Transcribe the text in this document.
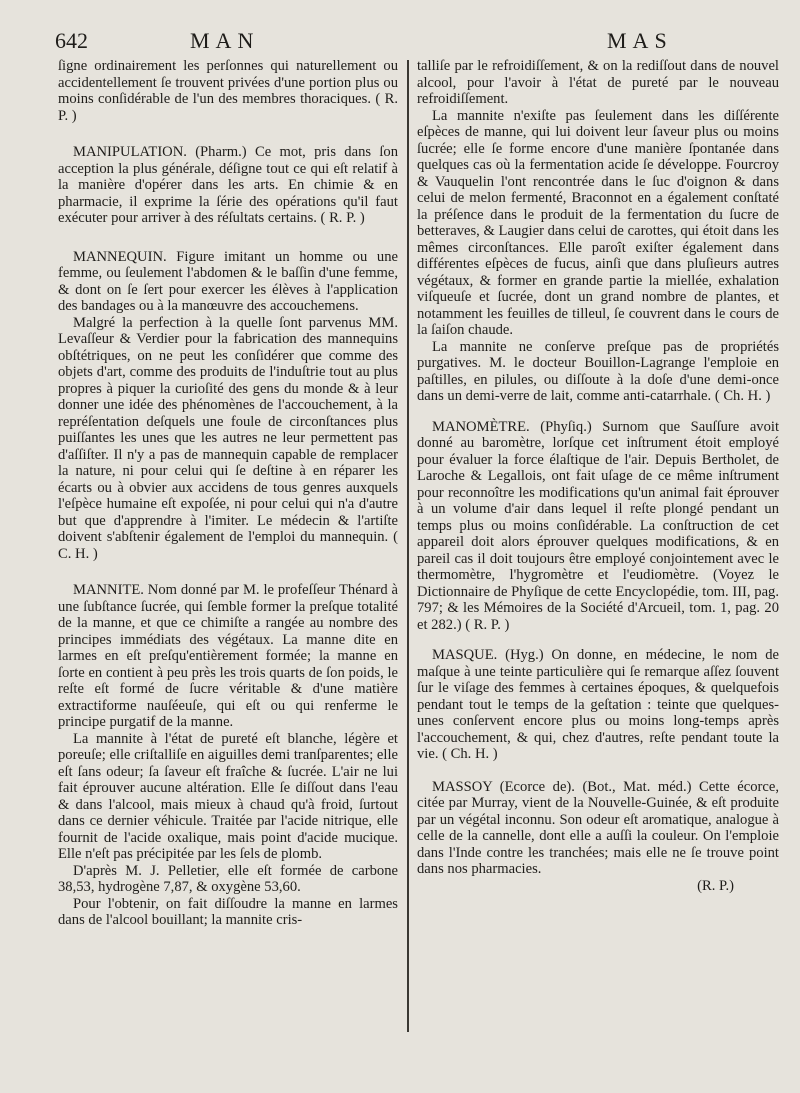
642	MAN	MAS

ſigne ordinairement les perſonnes qui naturellement ou accidentellement ſe trouvent privées d'une portion plus ou moins conſidérable de l'un des membres thoraciques. ( R. P. )

MANIPULATION. (Pharm.) Ce mot, pris dans ſon acception la plus générale, déſigne tout ce qui eſt relatif à la manière d'opérer dans les arts. En chimie & en pharmacie, il exprime la ſérie des opérations qu'il faut exécuter pour arriver à des réſultats certains. ( R. P. )

MANNEQUIN. Figure imitant un homme ou une femme, ou ſeulement l'abdomen & le baſſin d'une femme, & dont on ſe ſert pour exercer les élèves à l'application des bandages ou à la manœuvre des accouchemens.

Malgré la perfection à la quelle ſont parvenus MM. Levaſſeur & Verdier pour la fabrication des mannequins obſtétriques, on ne peut les conſidérer que comme des objets d'art, comme des produits de l'induſtrie tout au plus propres à piquer la curioſité des gens du monde & à leur donner une idée des phénomènes de l'accouchement, à la repréſentation deſquels une foule de circonſtances plus puiſſantes les unes que les autres ne leur permettent pas d'aſſiſter. Il n'y a pas de mannequin capable de remplacer la nature, ni pour celui qui ſe deſtine à en réparer les écarts ou à obvier aux accidens de tous genres auxquels l'eſpèce humaine eſt expoſée, ni pour celui qui n'a d'autre but que d'apprendre à l'imiter. Le médecin & l'artiſte doivent s'abſtenir également de l'emploi du mannequin. ( C. H. )

MANNITE. Nom donné par M. le profeſſeur Thénard à une ſubſtance ſucrée, qui ſemble former la preſque totalité de la manne, et que ce chimiſte a rangée au nombre des principes immédiats des végétaux. La manne dite en larmes en eſt preſqu'entièrement formée; la manne en ſorte en contient à peu près les trois quarts de ſon poids, le reſte eſt formé de ſucre véritable & d'une matière extractiforme nauſéeuſe, qui eſt ou qui renferme le principe purgatif de la manne.

La mannite à l'état de pureté eſt blanche, légère et poreuſe; elle criſtalliſe en aiguilles demi tranſparentes; elle eſt ſans odeur; ſa ſaveur eſt fraîche & ſucrée. L'air ne lui fait éprouver aucune altération. Elle ſe diſſout dans l'eau & dans l'alcool, mais mieux à chaud qu'à froid, ſurtout dans ce dernier véhicule. Traitée par l'acide nitrique, elle fournit de l'acide oxalique, mais point d'acide mucique. Elle n'eſt pas précipitée par les ſels de plomb.

D'après M. J. Pelletier, elle eſt formée de carbone 38,53, hydrogène 7,87, & oxygène 53,60.

Pour l'obtenir, on fait diſſoudre la manne en larmes dans de l'alcool bouillant; la mannite cris-

talliſe par le refroidiſſement, & on la rediſſout dans de nouvel alcool, pour l'avoir à l'état de pureté par le nouveau refroidiſſement.

La mannite n'exiſte pas ſeulement dans les diſſérente eſpèces de manne, qui lui doivent leur ſaveur plus ou moins ſucrée; elle ſe forme encore d'une manière ſpontanée dans quelques cas où la fermentation acide ſe développe. Fourcroy & Vauquelin l'ont rencontrée dans le ſuc d'oignon & dans celui de melon fermenté, Braconnot en a également conſtaté la préſence dans le produit de la fermentation du ſucre de betteraves, & Laugier dans celui de carottes, qui étoit dans les mêmes circonſtances. Elle paroît exiſter également dans différentes eſpèces de fucus, ainſi que dans pluſieurs autres végétaux, & former en grande partie la miellée, exhalation viſqueuſe et ſucrée, dont un grand nombre de plantes, et notamment les feuilles de tilleul, ſe couvrent dans le cours de la ſaiſon chaude.

La mannite ne conſerve preſque pas de propriétés purgatives. M. le docteur Bouillon-Lagrange l'emploie en paſtilles, en pilules, ou diſſoute à la doſe d'une demi-once dans un demi-verre de lait, comme anti-catarrhale. ( Ch. H. )

MANOMÈTRE. (Phyſiq.) Surnom que Sauſſure avoit donné au baromètre, lorſque cet inſtrument étoit employé pour évaluer la force élaſtique de l'air. Depuis Bertholet, de Laroche & Legallois, ont fait uſage de ce même inſtrument pour reconnoître les modifications qu'un animal fait éprouver à un volume d'air dans lequel il reſte plongé pendant un temps plus ou moins conſidérable. La conſtruction de cet appareil doit alors éprouver quelques modifications, & en pareil cas il doit toujours être employé conjointement avec le thermomètre, l'hygromètre et l'eudiomètre. (Voyez le Dictionnaire de Phyſique de cette Encyclopédie, tom. III, pag. 797; & les Mémoires de la Société d'Arcueil, tom. 1, pag. 20 et 282.) ( R. P. )

MASQUE. (Hyg.) On donne, en médecine, le nom de maſque à une teinte particulière qui ſe remarque aſſez ſouvent ſur le viſage des femmes à certaines époques, & quelquefois pendant tout le temps de la geſtation : teinte que quelques-unes conſervent encore plus ou moins long-temps après l'accouchement, & qui, chez d'autres, reſte pendant toute la vie. ( Ch. H. )

MASSOY (Ecorce de). (Bot., Mat. méd.) Cette écorce, citée par Murray, vient de la Nouvelle-Guinée, & eſt produite par un végétal inconnu. Son odeur eſt aromatique, analogue à celle de la cannelle, dont elle a auſſi la couleur. On l'emploie dans l'Inde contre les tranchées; mais elle ne ſe trouve point dans nos pharmacies.

(R. P.)
